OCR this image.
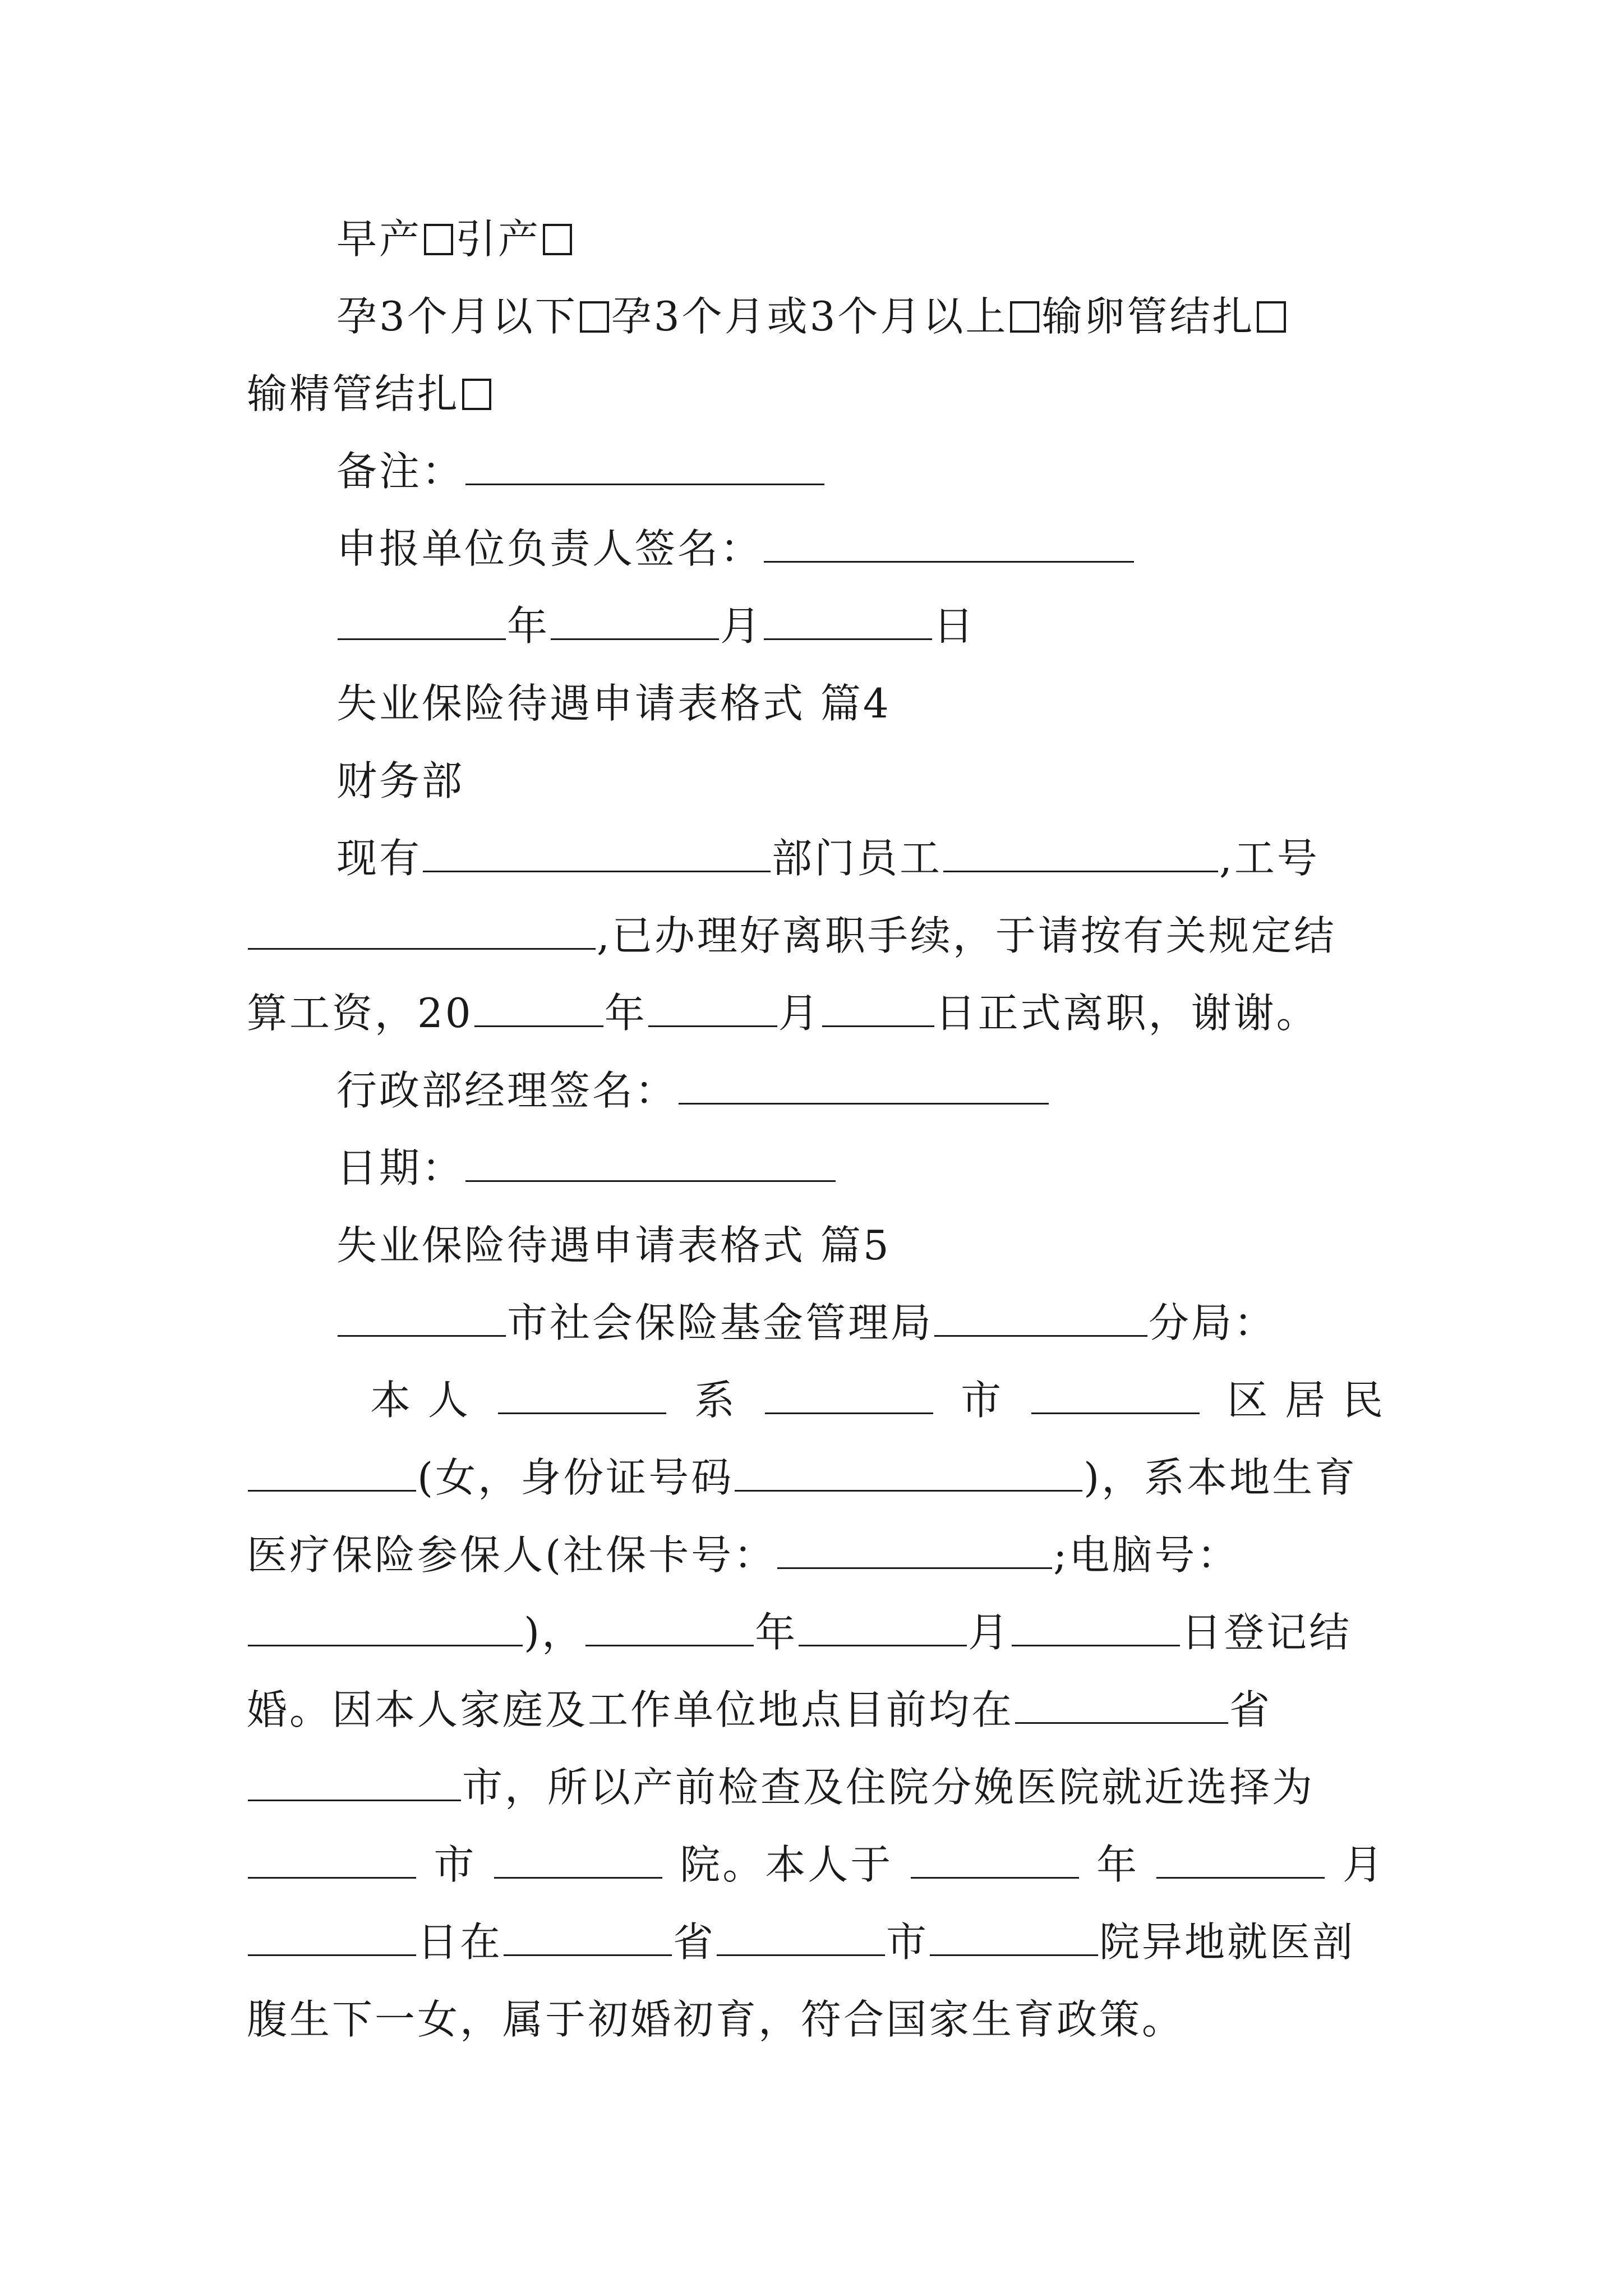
早产 引产
孕3个月以下 孕3个月或3个月以上 输卵管结扎
输精管结扎
备注：
申报单位负责人签名：
年	月	日
失业保险待遇申请表格式 篇4
财务部
现有	部门员工	,工号
,已办理好离职手续，于请按有关规定结
算工资，20	年	月	日正式离职，谢谢。
行政部经理签名：
日期：
失业保险待遇申请表格式 篇5
市社会保险基金管理局	分局：
本 人	系	市	区 居 民
(女，身份证号码	)，系本地生育
医疗保险参保人(社保卡号：	;电脑号：
)，	年	月	日登记结
婚。因本人家庭及工作单位地点目前均在	省
市，所以产前检查及住院分娩医院就近选择为
市	院。本人于	年	月
日在	省	市	院异地就医剖
腹生下一女，属于初婚初育，符合国家生育政策。
